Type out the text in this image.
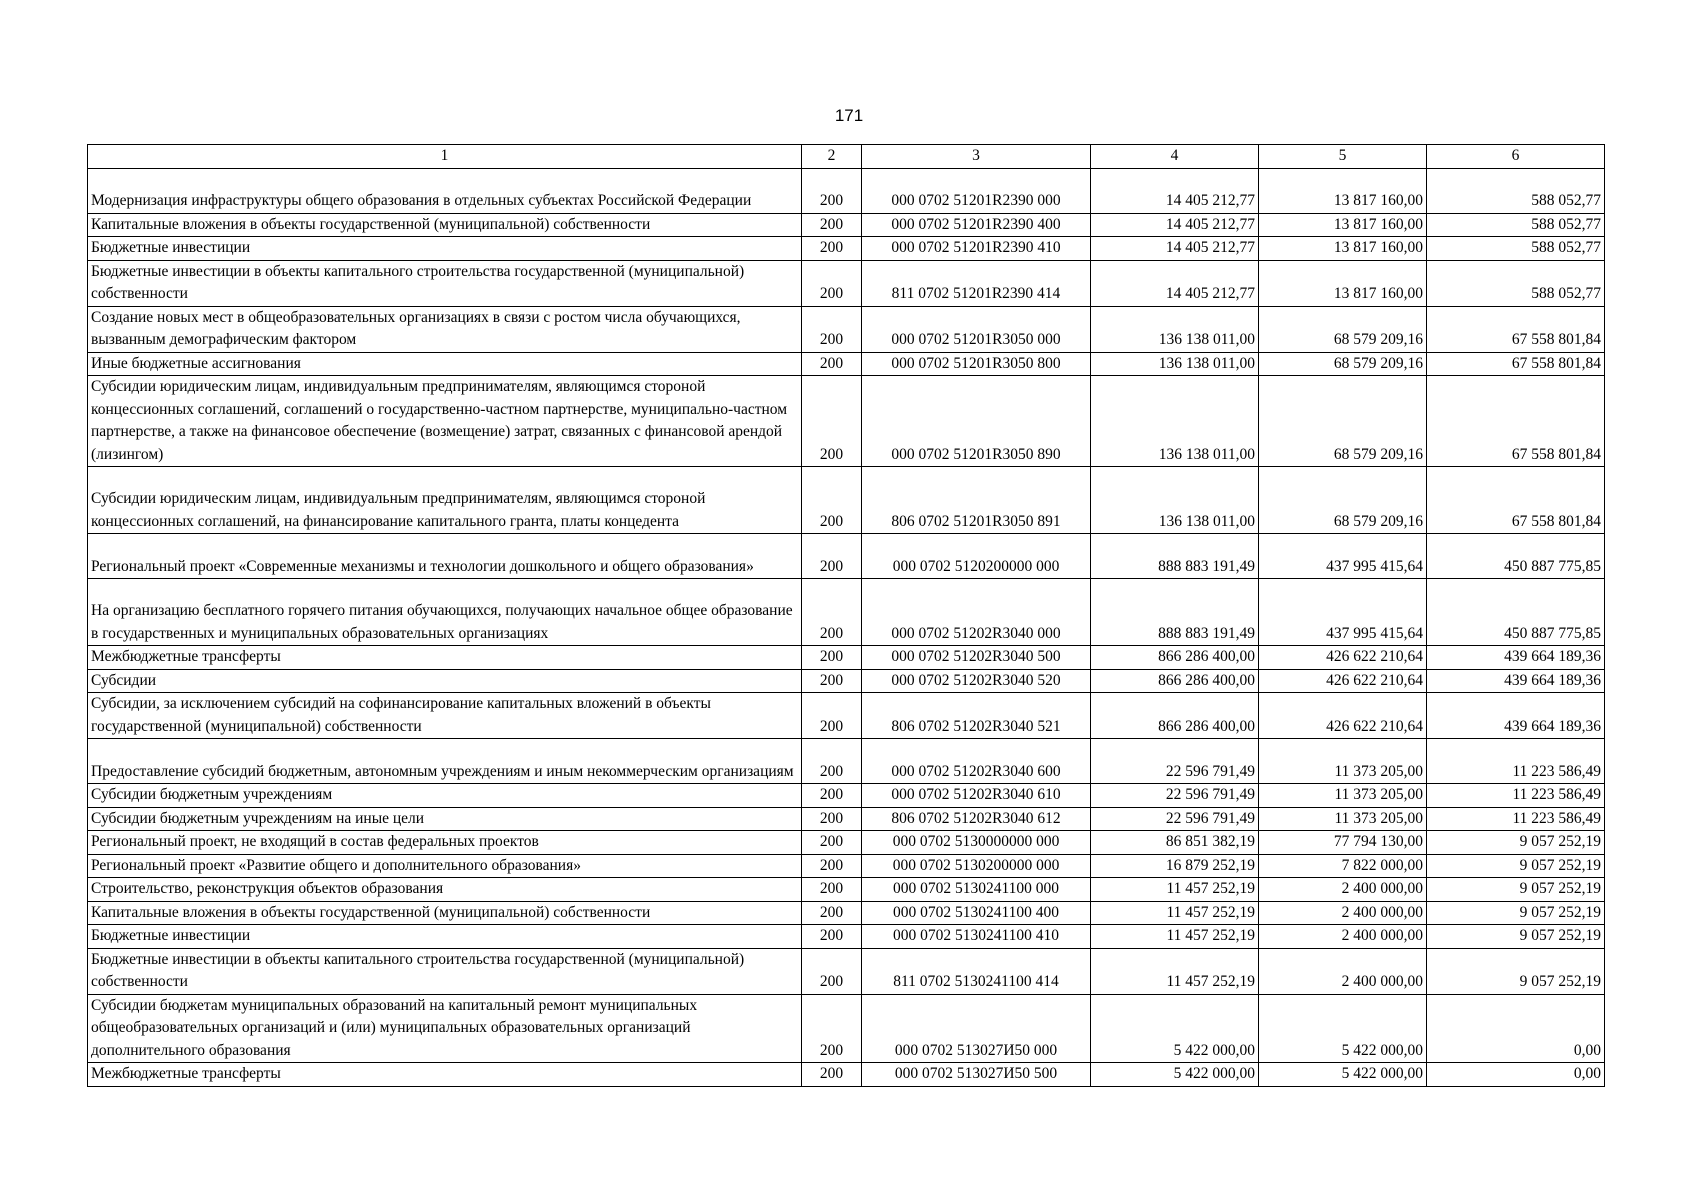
171
1	2	3	4	5	6
Модернизация инфраструктуры общего образования в отдельных субъектах Российской Федерации	200	000 0702 51201R2390 000	14 405 212,77	13 817 160,00	588 052,77
Капитальные вложения в объекты государственной (муниципальной) собственности	200	000 0702 51201R2390 400	14 405 212,77	13 817 160,00	588 052,77
Бюджетные инвестиции	200	000 0702 51201R2390 410	14 405 212,77	13 817 160,00	588 052,77
Бюджетные инвестиции в объекты капитального строительства государственной (муниципальной) собственности	200	811 0702 51201R2390 414	14 405 212,77	13 817 160,00	588 052,77
Создание новых мест в общеобразовательных организациях в связи с ростом числа обучающихся, вызванным демографическим фактором	200	000 0702 51201R3050 000	136 138 011,00	68 579 209,16	67 558 801,84
Иные бюджетные ассигнования	200	000 0702 51201R3050 800	136 138 011,00	68 579 209,16	67 558 801,84
Субсидии юридическим лицам, индивидуальным предпринимателям, являющимся стороной концессионных соглашений, соглашений о государственно-частном партнерстве, муниципально-частном партнерстве, а также на финансовое обеспечение (возмещение) затрат, связанных с финансовой арендой (лизингом)	200	000 0702 51201R3050 890	136 138 011,00	68 579 209,16	67 558 801,84
Субсидии юридическим лицам, индивидуальным предпринимателям, являющимся стороной концессионных соглашений, на финансирование капитального гранта, платы концедента	200	806 0702 51201R3050 891	136 138 011,00	68 579 209,16	67 558 801,84
Региональный проект «Современные механизмы и технологии дошкольного и общего образования»	200	000 0702 5120200000 000	888 883 191,49	437 995 415,64	450 887 775,85
На организацию бесплатного горячего питания обучающихся, получающих начальное общее образование в государственных и муниципальных образовательных организациях	200	000 0702 51202R3040 000	888 883 191,49	437 995 415,64	450 887 775,85
Межбюджетные трансферты	200	000 0702 51202R3040 500	866 286 400,00	426 622 210,64	439 664 189,36
Субсидии	200	000 0702 51202R3040 520	866 286 400,00	426 622 210,64	439 664 189,36
Субсидии, за исключением субсидий на софинансирование капитальных вложений в объекты государственной (муниципальной) собственности	200	806 0702 51202R3040 521	866 286 400,00	426 622 210,64	439 664 189,36
Предоставление субсидий бюджетным, автономным учреждениям и иным некоммерческим организациям	200	000 0702 51202R3040 600	22 596 791,49	11 373 205,00	11 223 586,49
Субсидии бюджетным учреждениям	200	000 0702 51202R3040 610	22 596 791,49	11 373 205,00	11 223 586,49
Субсидии бюджетным учреждениям на иные цели	200	806 0702 51202R3040 612	22 596 791,49	11 373 205,00	11 223 586,49
Региональный проект, не входящий в состав федеральных проектов	200	000 0702 5130000000 000	86 851 382,19	77 794 130,00	9 057 252,19
Региональный проект «Развитие общего и дополнительного образования»	200	000 0702 5130200000 000	16 879 252,19	7 822 000,00	9 057 252,19
Строительство, реконструкция объектов образования	200	000 0702 5130241100 000	11 457 252,19	2 400 000,00	9 057 252,19
Капитальные вложения в объекты государственной (муниципальной) собственности	200	000 0702 5130241100 400	11 457 252,19	2 400 000,00	9 057 252,19
Бюджетные инвестиции	200	000 0702 5130241100 410	11 457 252,19	2 400 000,00	9 057 252,19
Бюджетные инвестиции в объекты капитального строительства государственной (муниципальной) собственности	200	811 0702 5130241100 414	11 457 252,19	2 400 000,00	9 057 252,19
Субсидии бюджетам муниципальных образований на капитальный ремонт муниципальных общеобразовательных организаций и (или) муниципальных образовательных организаций дополнительного образования	200	000 0702 513027И50 000	5 422 000,00	5 422 000,00	0,00
Межбюджетные трансферты	200	000 0702 513027И50 500	5 422 000,00	5 422 000,00	0,00
